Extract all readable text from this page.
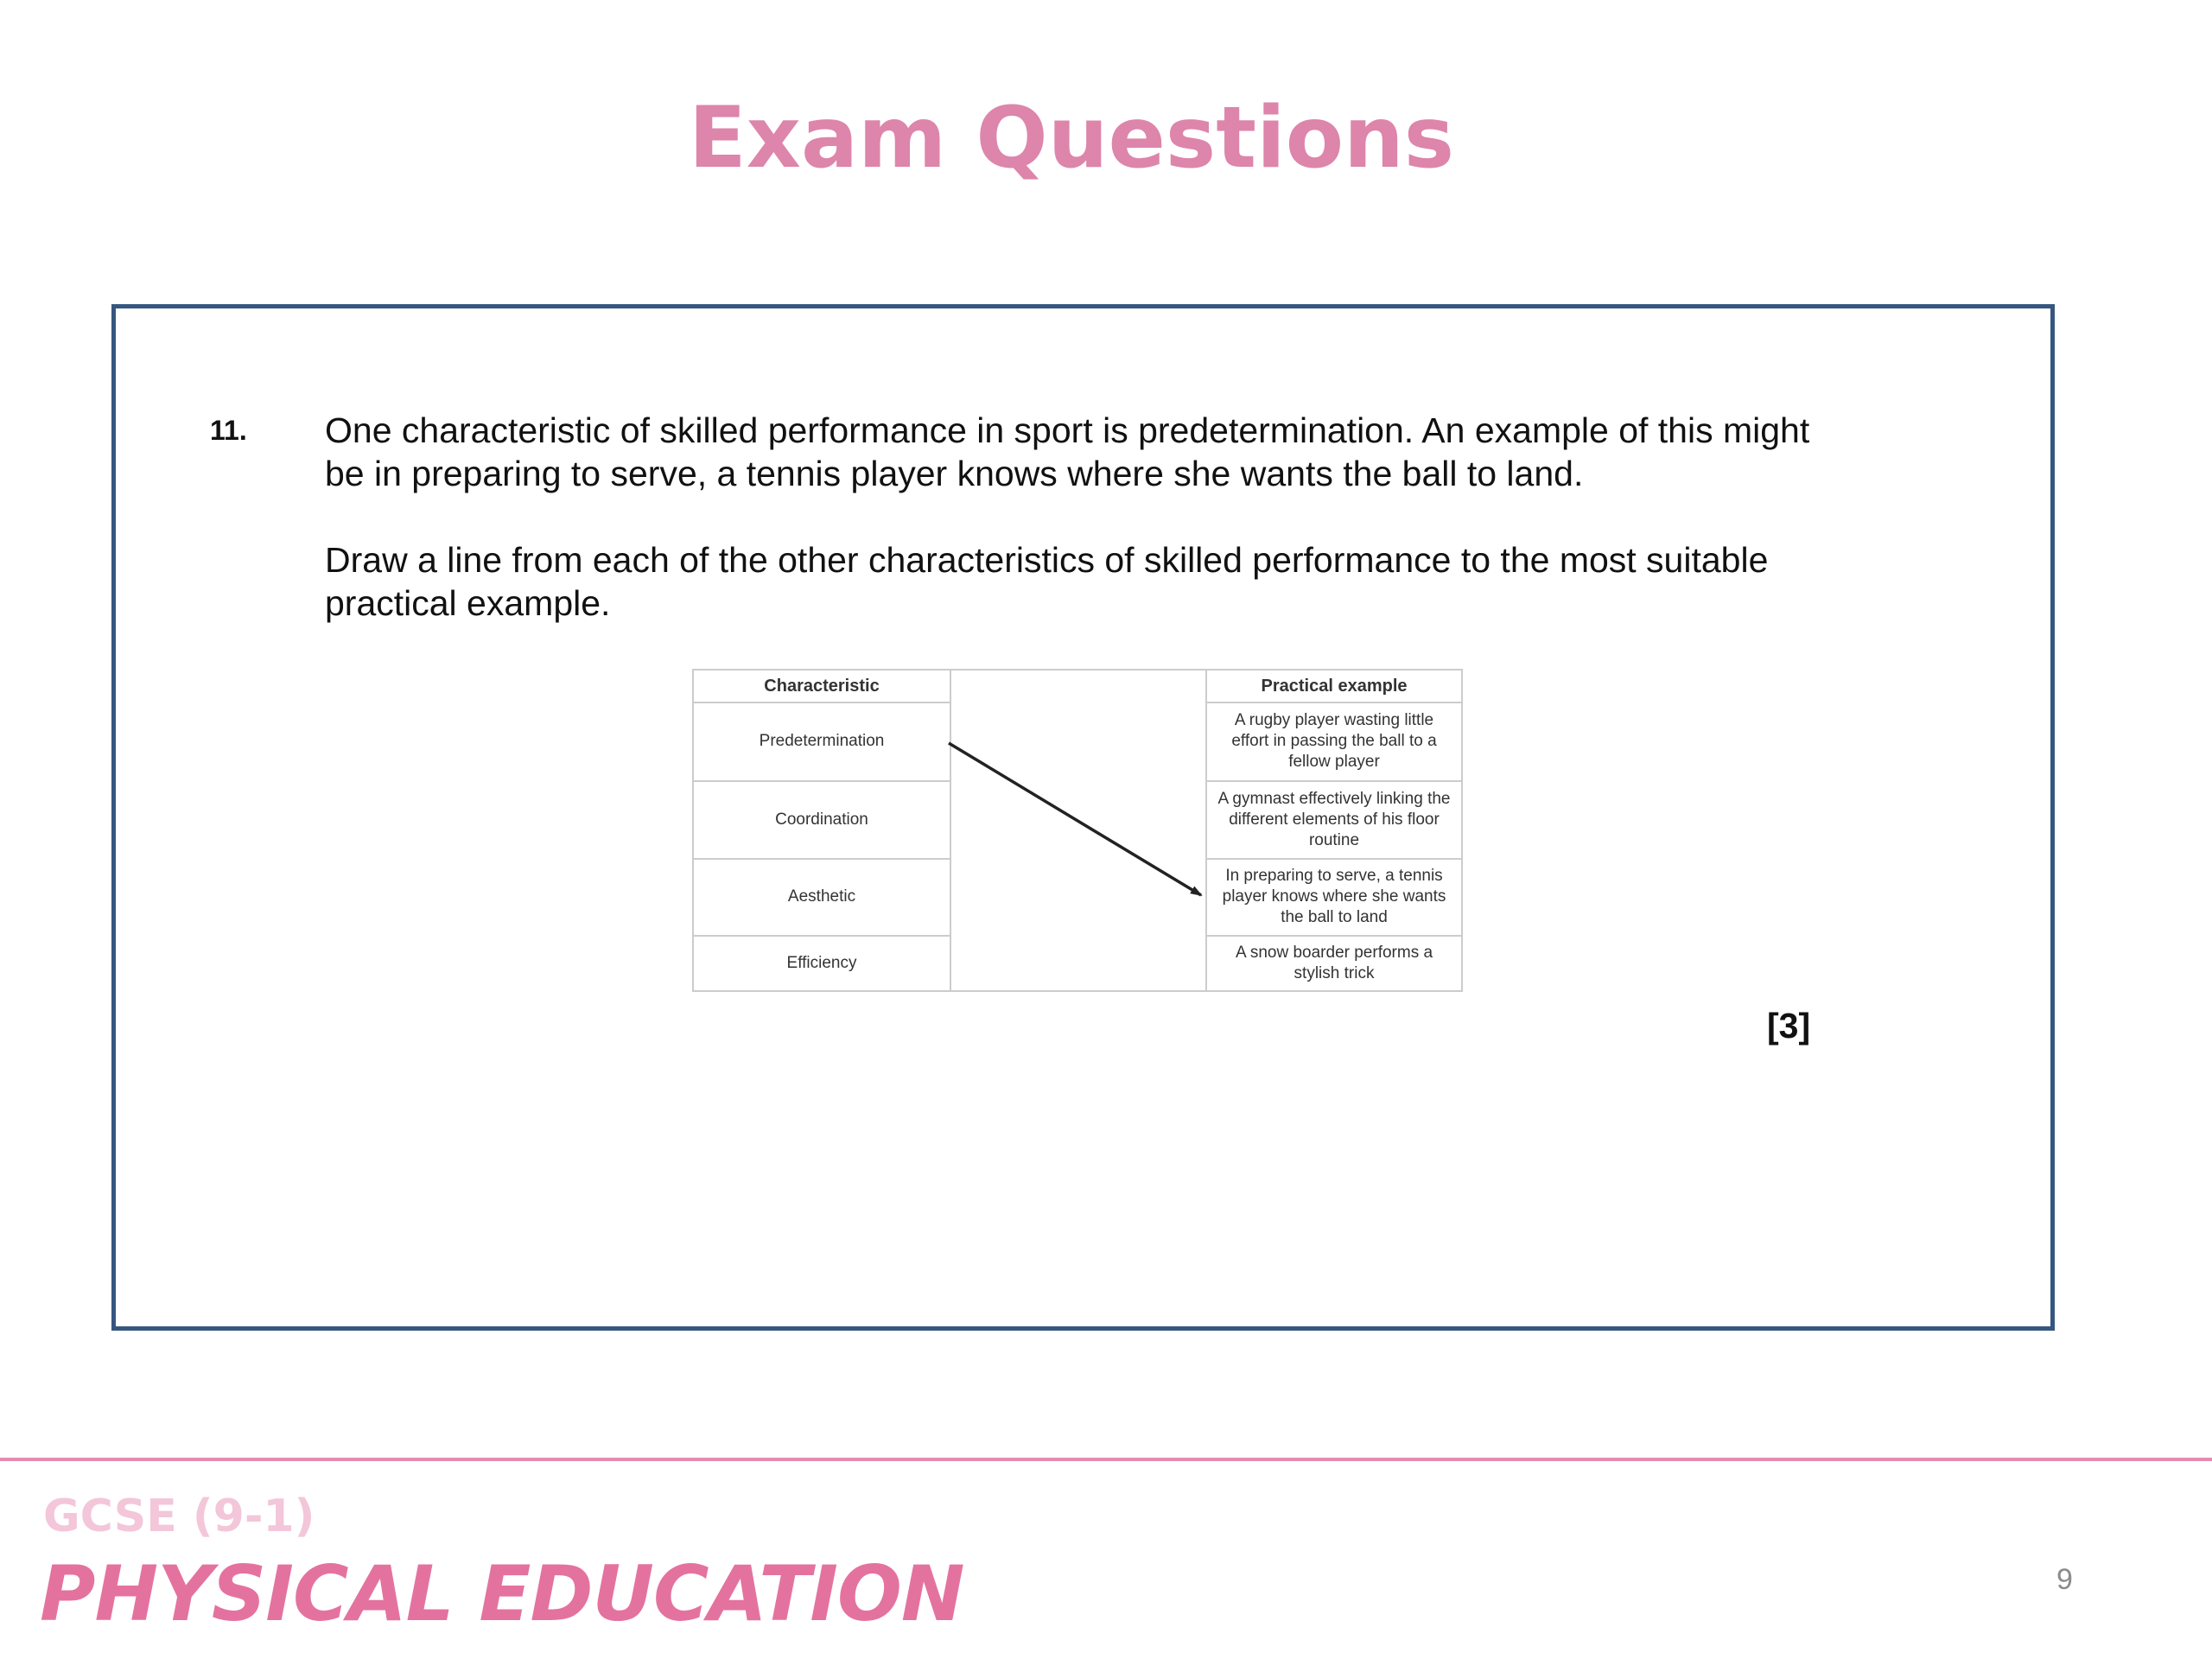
Exam Questions
11. One characteristic of skilled performance in sport is predetermination. An example of this might be in preparing to serve, a tennis player knows where she wants the ball to land.

Draw a line from each of the other characteristics of skilled performance to the most suitable practical example.

Characteristic		Practical example
Predetermination		A rugby player wasting little effort in passing the ball to a fellow player
Coordination		A gymnast effectively linking the different elements of his floor routine
Aesthetic		In preparing to serve, a tennis player knows where she wants the ball to land
Efficiency		A snow boarder performs a stylish trick
[3]
GCSE (9-1)
PHYSICAL EDUCATION	9
